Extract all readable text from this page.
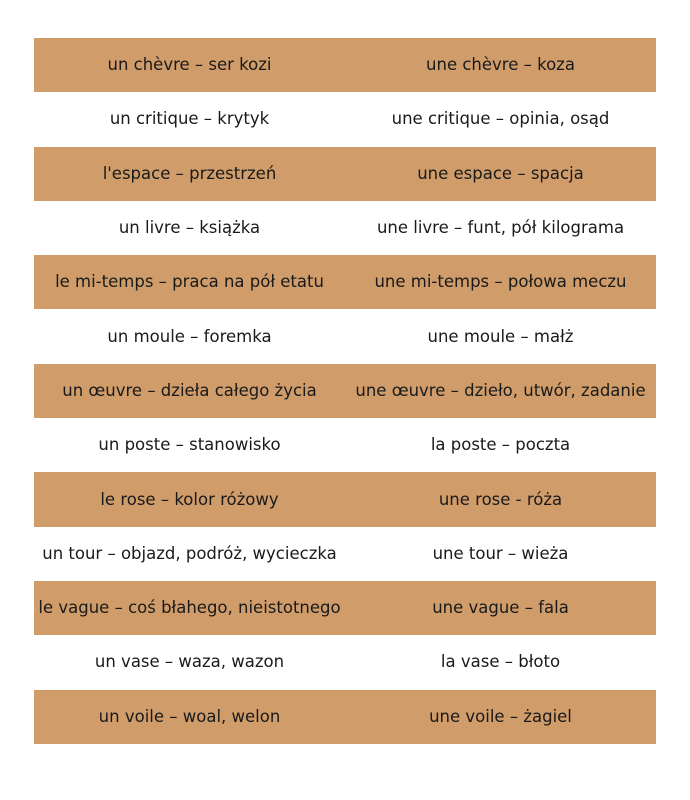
un chèvre – ser kozi	une chèvre – koza
un critique – krytyk	une critique – opinia, osąd
l'espace – przestrzeń	une espace – spacja
un livre – książka	une livre – funt, pół kilograma
le mi-temps – praca na pół etatu	une mi-temps – połowa meczu
un moule – foremka	une moule – małż
un œuvre – dzieła całego życia	une œuvre – dzieło, utwór, zadanie
un poste – stanowisko	la poste – poczta
le rose – kolor różowy	une rose - róża
un tour – objazd, podróż, wycieczka	une tour – wieża
le vague – coś błahego, nieistotnego	une vague – fala
un vase – waza, wazon	la vase – błoto
un voile – woal, welon	une voile – żagiel
